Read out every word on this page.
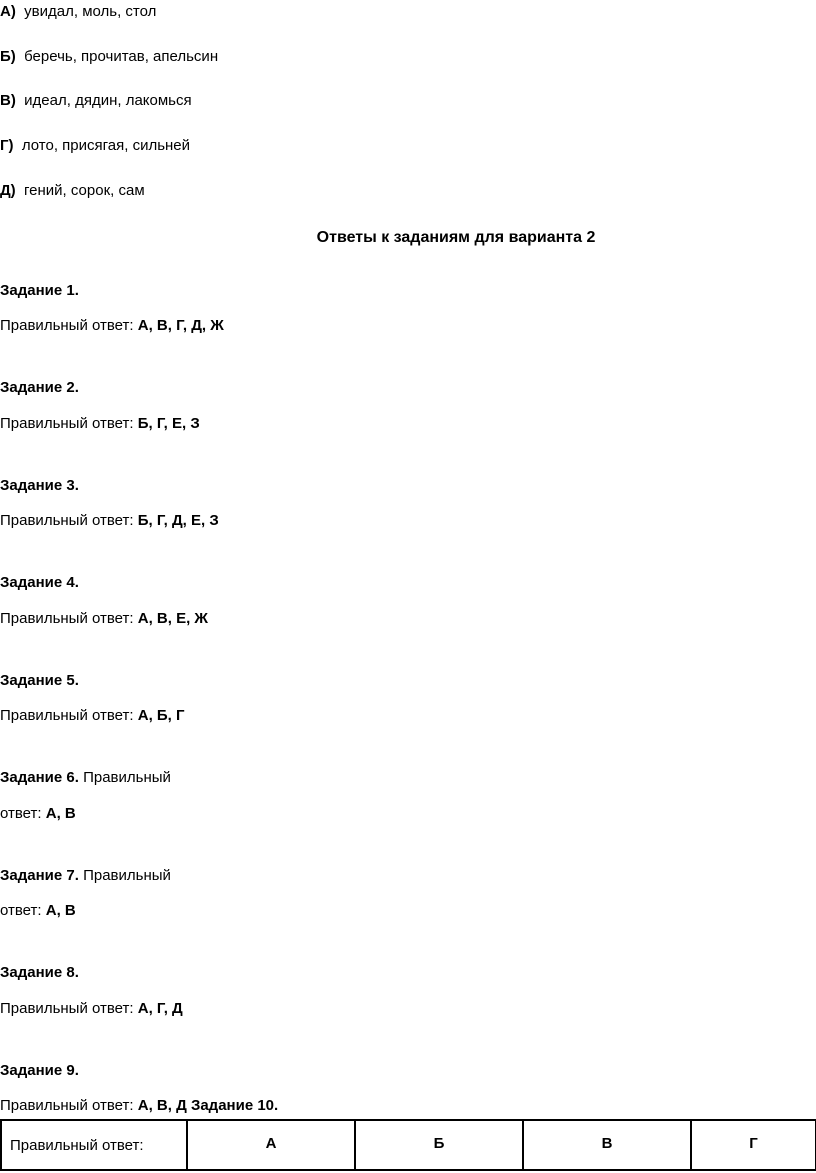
А) увидал, моль, стол
Б) беречь, прочитав, апельсин
В) идеал, дядин, лакомься
Г) лото, присягая, сильней
Д) гений, сорок, сам
Ответы к заданиям для варианта 2
Задание 1.
Правильный ответ: А, В, Г, Д, Ж
Задание 2.
Правильный ответ: Б, Г, Е, З
Задание 3.
Правильный ответ: Б, Г, Д, Е, З
Задание 4.
Правильный ответ: А, В, Е, Ж
Задание 5.
Правильный ответ: А, Б, Г
Задание 6. Правильный
ответ: А, В
Задание 7. Правильный
ответ: А, В
Задание 8.
Правильный ответ: А, Г, Д
Задание 9.
Правильный ответ: А, В, Д Задание 10.
Правильный ответ:	А	Б	В	Г
